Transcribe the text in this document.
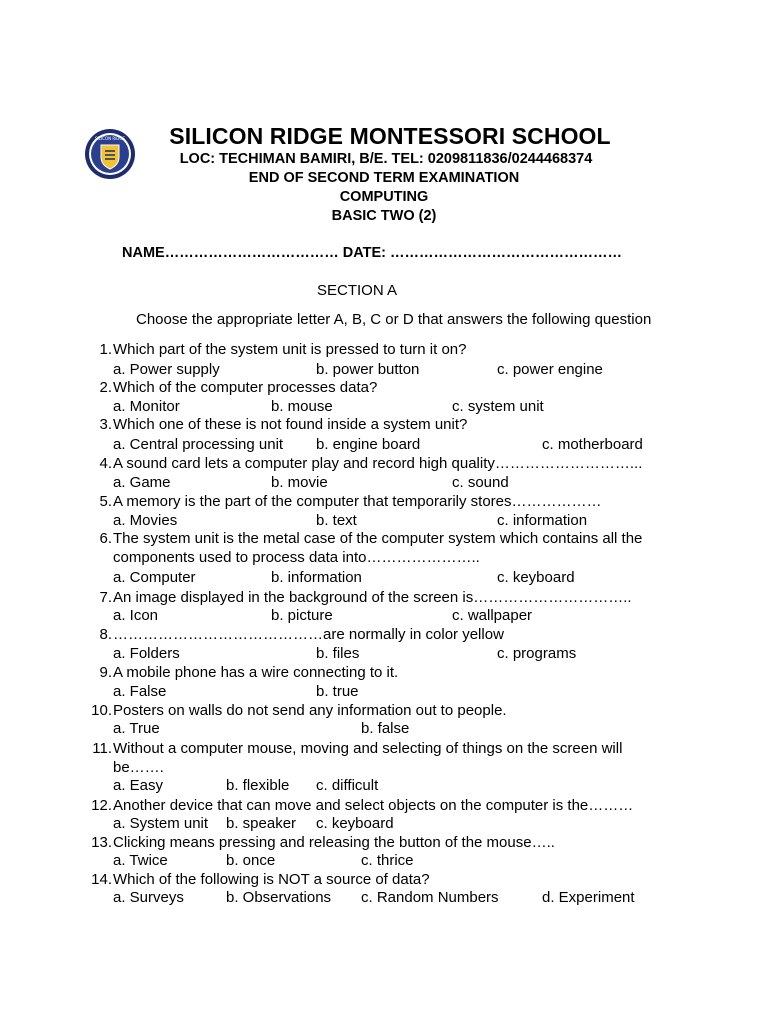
SILICON RIDGE	SILICON RIDGE MONTESSORI SCHOOL
LOC: TECHIMAN BAMIRI, B/E. TEL: 0209811836/0244468374
END OF SECOND TERM EXAMINATION
COMPUTING
BASIC TWO (2)
NAME……………………………… DATE: …………………………………………
SECTION A
Choose the appropriate letter A, B, C or D that answers the following question
1. Which part of the system unit is pressed to turn it on?
a. Power supply	b. power button	c. power engine
2. Which of the computer processes data?
a. Monitor	b. mouse	c. system unit
3. Which one of these is not found inside a system unit?
a. Central processing unit b. engine board	c. motherboard
4. A sound card lets a computer play and record high quality………………………...
a. Game	b. movie	c. sound
5. A memory is the part of the computer that temporarily stores………………
a. Movies	b. text	c. information
6. The system unit is the metal case of the computer system which contains all the
components used to process data into…………………..
a. Computer	b. information	c. keyboard
7. An image displayed in the background of the screen is…………………………..
a. Icon	b. picture	c. wallpaper
8. ……………………………………are normally in color yellow
a. Folders	b. files	c. programs
9. A mobile phone has a wire connecting to it.
a. False	b. true
10. Posters on walls do not send any information out to people.
a. True	b. false
11. Without a computer mouse, moving and selecting of things on the screen will
be…….
a. Easy	b. flexible c. difficult
12. Another device that can move and select objects on the computer is the………
a. System unit b. speaker c. keyboard
13. Clicking means pressing and releasing the button of the mouse…..
a. Twice	b. once	c. thrice
14. Which of the following is NOT a source of data?
a. Surveys	b. Observations c. Random Numbers	d. Experiment
